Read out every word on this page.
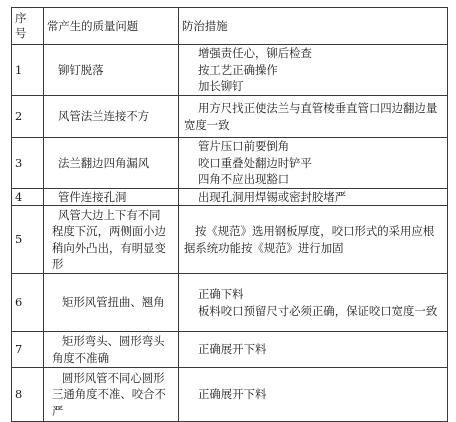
序号	常产生的质量问题	防治措施
1	铆钉脱落	增强责任心，铆后检查
按工艺正确操作
加长铆钉

2	风管法兰连接不方	用方尺找正使法兰与直管棱垂直管口四边翻边量宽度一致

3	法兰翻边四角漏风	管片压口前要倒角
咬口重叠处翻边时铲平
四角不应出现豁口

4	管件连接孔洞	出现孔洞用焊锡或密封胶堵严

5	风管大边上下有不同程度下沉，两侧面小边稍向外凸出，有明显变形	按《规范》选用钢板厚度，咬口形式的采用应根据系统功能按《规范》进行加固

6	矩形风管扭曲、翘角	正确下料
板料咬口预留尺寸必须正确，保证咬口宽度一致

7	矩形弯头、圆形弯头角度不准确	正确展开下料

8	圆形风管不同心圆形三通角度不准、咬合不严	正确展开下料
